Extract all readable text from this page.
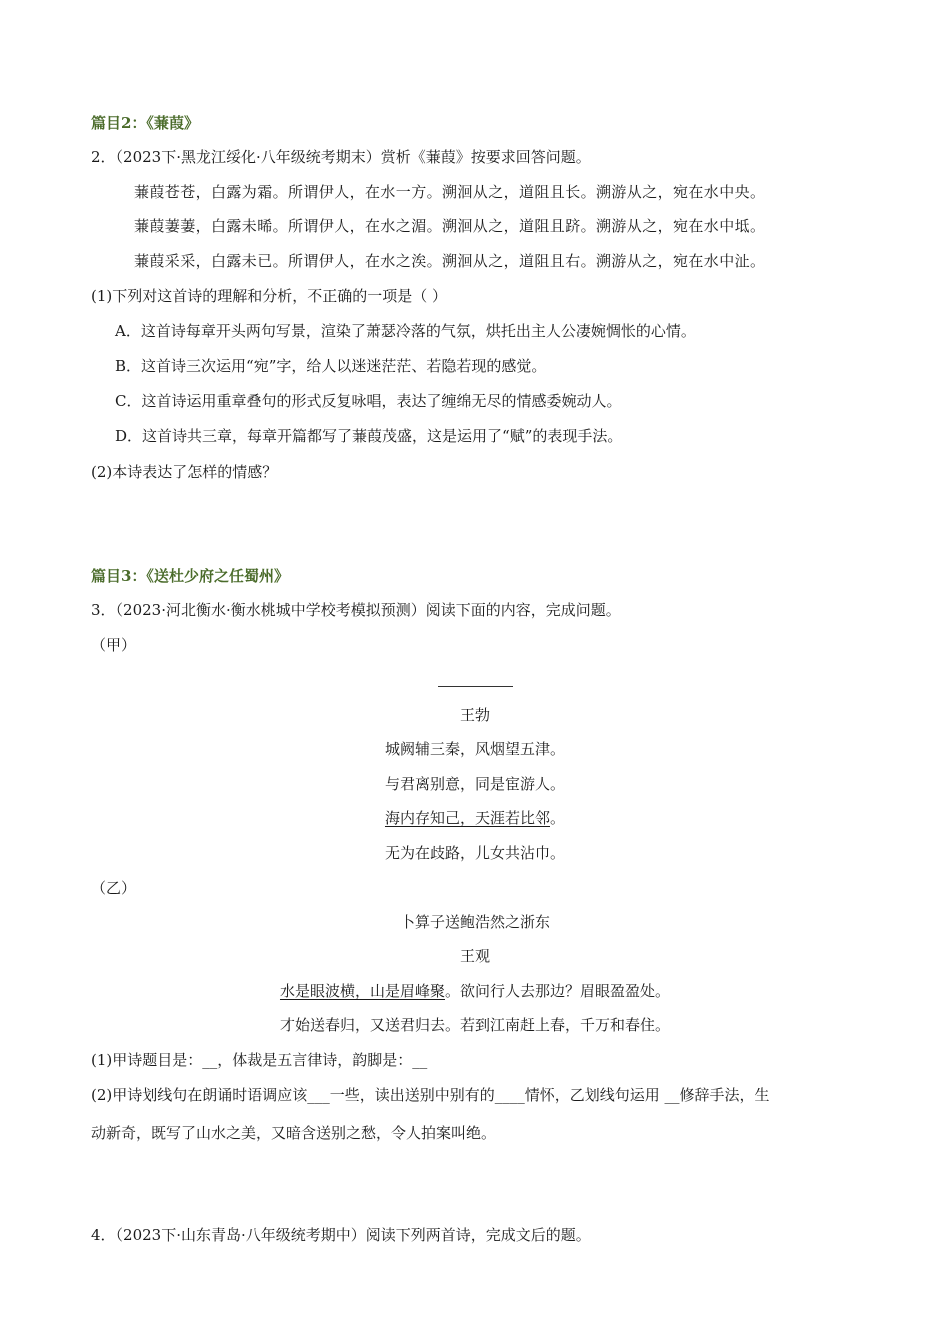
篇目2：《蒹葭》
2．（2023下·黑龙江绥化·八年级统考期末）赏析《蒹葭》按要求回答问题。
蒹葭苍苍，白露为霜。所谓伊人，在水一方。溯洄从之，道阻且长。溯游从之，宛在水中央。
蒹葭萋萋，白露未晞。所谓伊人，在水之湄。溯洄从之，道阻且跻。溯游从之，宛在水中坻。
蒹葭采采，白露未已。所谓伊人，在水之涘。溯洄从之，道阻且右。溯游从之，宛在水中沚。
(1)下列对这首诗的理解和分析，不正确的一项是（ ）
A．这首诗每章开头两句写景，渲染了萧瑟冷落的气氛，烘托出主人公凄婉惆怅的心情。
B．这首诗三次运用“宛”字，给人以迷迷茫茫、若隐若现的感觉。
C．这首诗运用重章叠句的形式反复咏唱，表达了缠绵无尽的情感委婉动人。
D．这首诗共三章，每章开篇都写了蒹葭茂盛，这是运用了“赋”的表现手法。
(2)本诗表达了怎样的情感？
篇目3：《送杜少府之任蜀州》
3．（2023·河北衡水·衡水桃城中学校考模拟预测）阅读下面的内容，完成问题。
（甲）
王勃
城阙辅三秦，风烟望五津。
与君离别意，同是宦游人。
海内存知己，天涯若比邻。
无为在歧路，儿女共沾巾。
（乙）
卜算子送鲍浩然之浙东
王观
水是眼波横，山是眉峰聚。欲问行人去那边？眉眼盈盈处。
才始送春归，又送君归去。若到江南赶上春，千万和春住。
(1)甲诗题目是：__，体裁是五言律诗，韵脚是：__
(2)甲诗划线句在朗诵时语调应该___一些，读出送别中别有的____情怀，乙划线句运用 __修辞手法，生
动新奇，既写了山水之美，又暗含送别之愁，令人拍案叫绝。
4．（2023下·山东青岛·八年级统考期中）阅读下列两首诗，完成文后的题。
